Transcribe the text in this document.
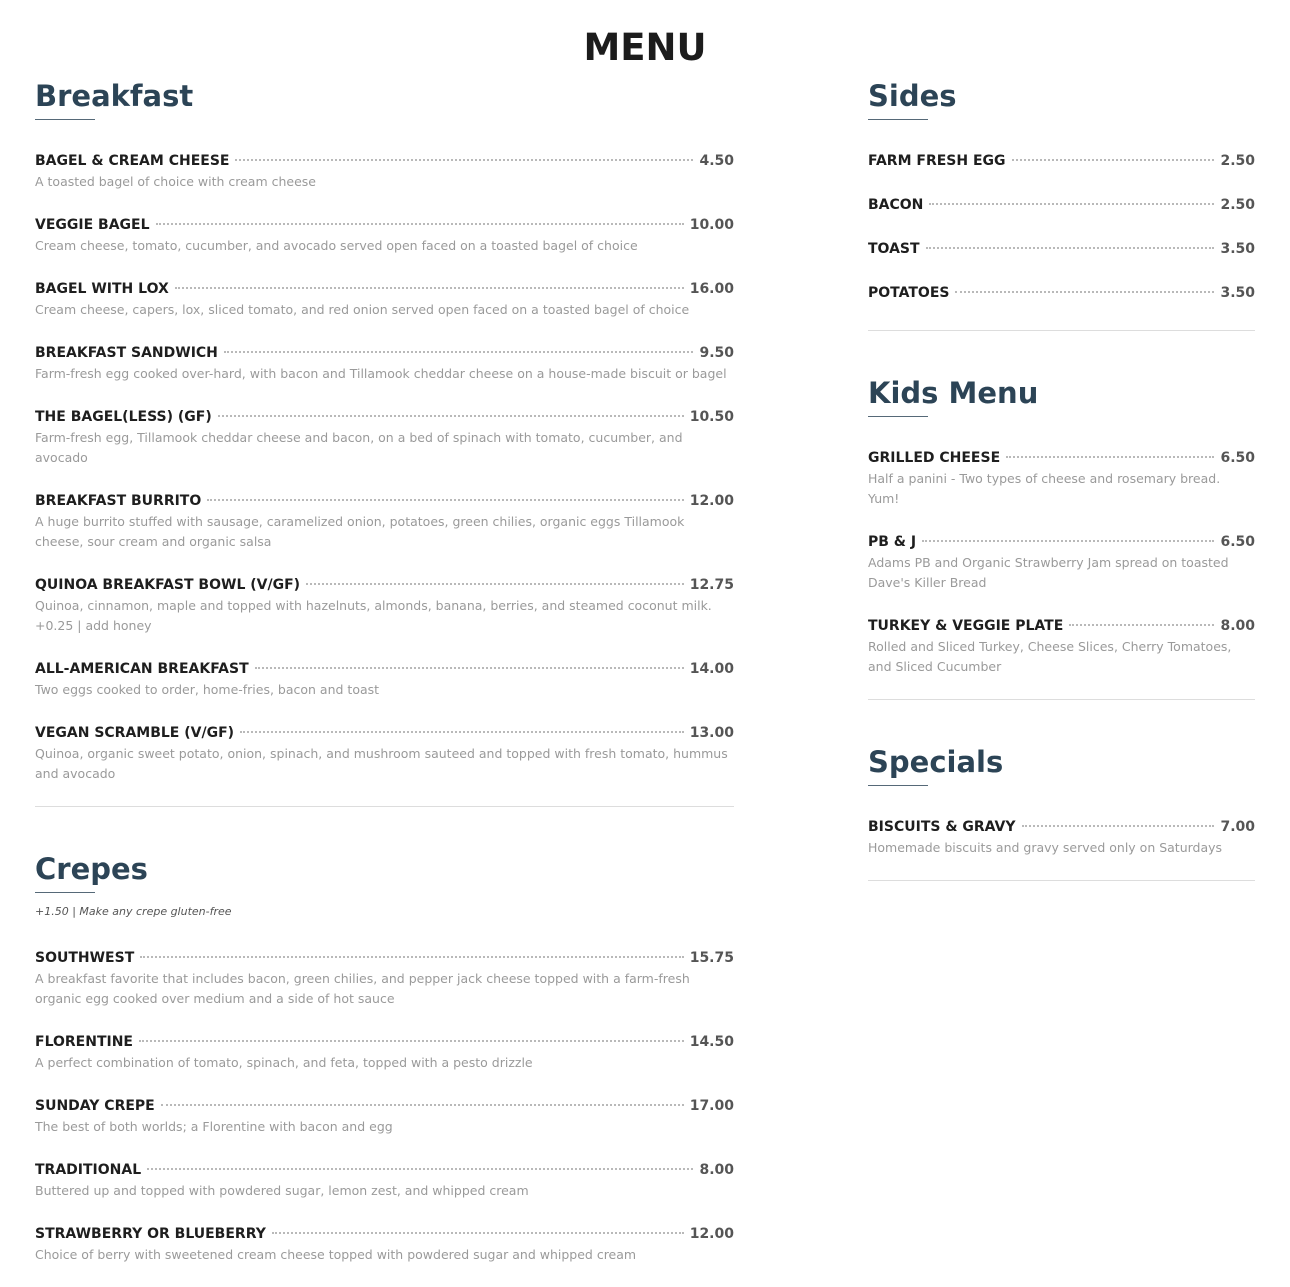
MENU
Breakfast
BAGEL & CREAM CHEESE	4.50
A toasted bagel of choice with cream cheese
VEGGIE BAGEL	10.00
Cream cheese, tomato, cucumber, and avocado served open faced on a toasted bagel of choice
BAGEL WITH LOX	16.00
Cream cheese, capers, lox, sliced tomato, and red onion served open faced on a toasted bagel of choice
BREAKFAST SANDWICH	9.50
Farm-fresh egg cooked over-hard, with bacon and Tillamook cheddar cheese on a house-made biscuit or bagel
THE BAGEL(LESS) (GF)	10.50
Farm-fresh egg, Tillamook cheddar cheese and bacon, on a bed of spinach with tomato, cucumber, and avocado
BREAKFAST BURRITO	12.00
A huge burrito stuffed with sausage, caramelized onion, potatoes, green chilies, organic eggs Tillamook cheese, sour cream and organic salsa
QUINOA BREAKFAST BOWL (V/GF)	12.75
Quinoa, cinnamon, maple and topped with hazelnuts, almonds, banana, berries, and steamed coconut milk. +0.25 | add honey
ALL-AMERICAN BREAKFAST	14.00
Two eggs cooked to order, home-fries, bacon and toast
VEGAN SCRAMBLE (V/GF)	13.00
Quinoa, organic sweet potato, onion, spinach, and mushroom sauteed and topped with fresh tomato, hummus and avocado
Crepes
+1.50 | Make any crepe gluten-free
SOUTHWEST	15.75
A breakfast favorite that includes bacon, green chilies, and pepper jack cheese topped with a farm-fresh organic egg cooked over medium and a side of hot sauce
FLORENTINE	14.50
A perfect combination of tomato, spinach, and feta, topped with a pesto drizzle
SUNDAY CREPE	17.00
The best of both worlds; a Florentine with bacon and egg
TRADITIONAL	8.00
Buttered up and topped with powdered sugar, lemon zest, and whipped cream
STRAWBERRY OR BLUEBERRY	12.00
Choice of berry with sweetened cream cheese topped with powdered sugar and whipped cream
Sides
FARM FRESH EGG	2.50
BACON	2.50
TOAST	3.50
POTATOES	3.50
Kids Menu
GRILLED CHEESE	6.50
Half a panini - Two types of cheese and rosemary bread. Yum!
PB & J	6.50
Adams PB and Organic Strawberry Jam spread on toasted Dave's Killer Bread
TURKEY & VEGGIE PLATE	8.00
Rolled and Sliced Turkey, Cheese Slices, Cherry Tomatoes, and Sliced Cucumber
Specials
BISCUITS & GRAVY	7.00
Homemade biscuits and gravy served only on Saturdays
